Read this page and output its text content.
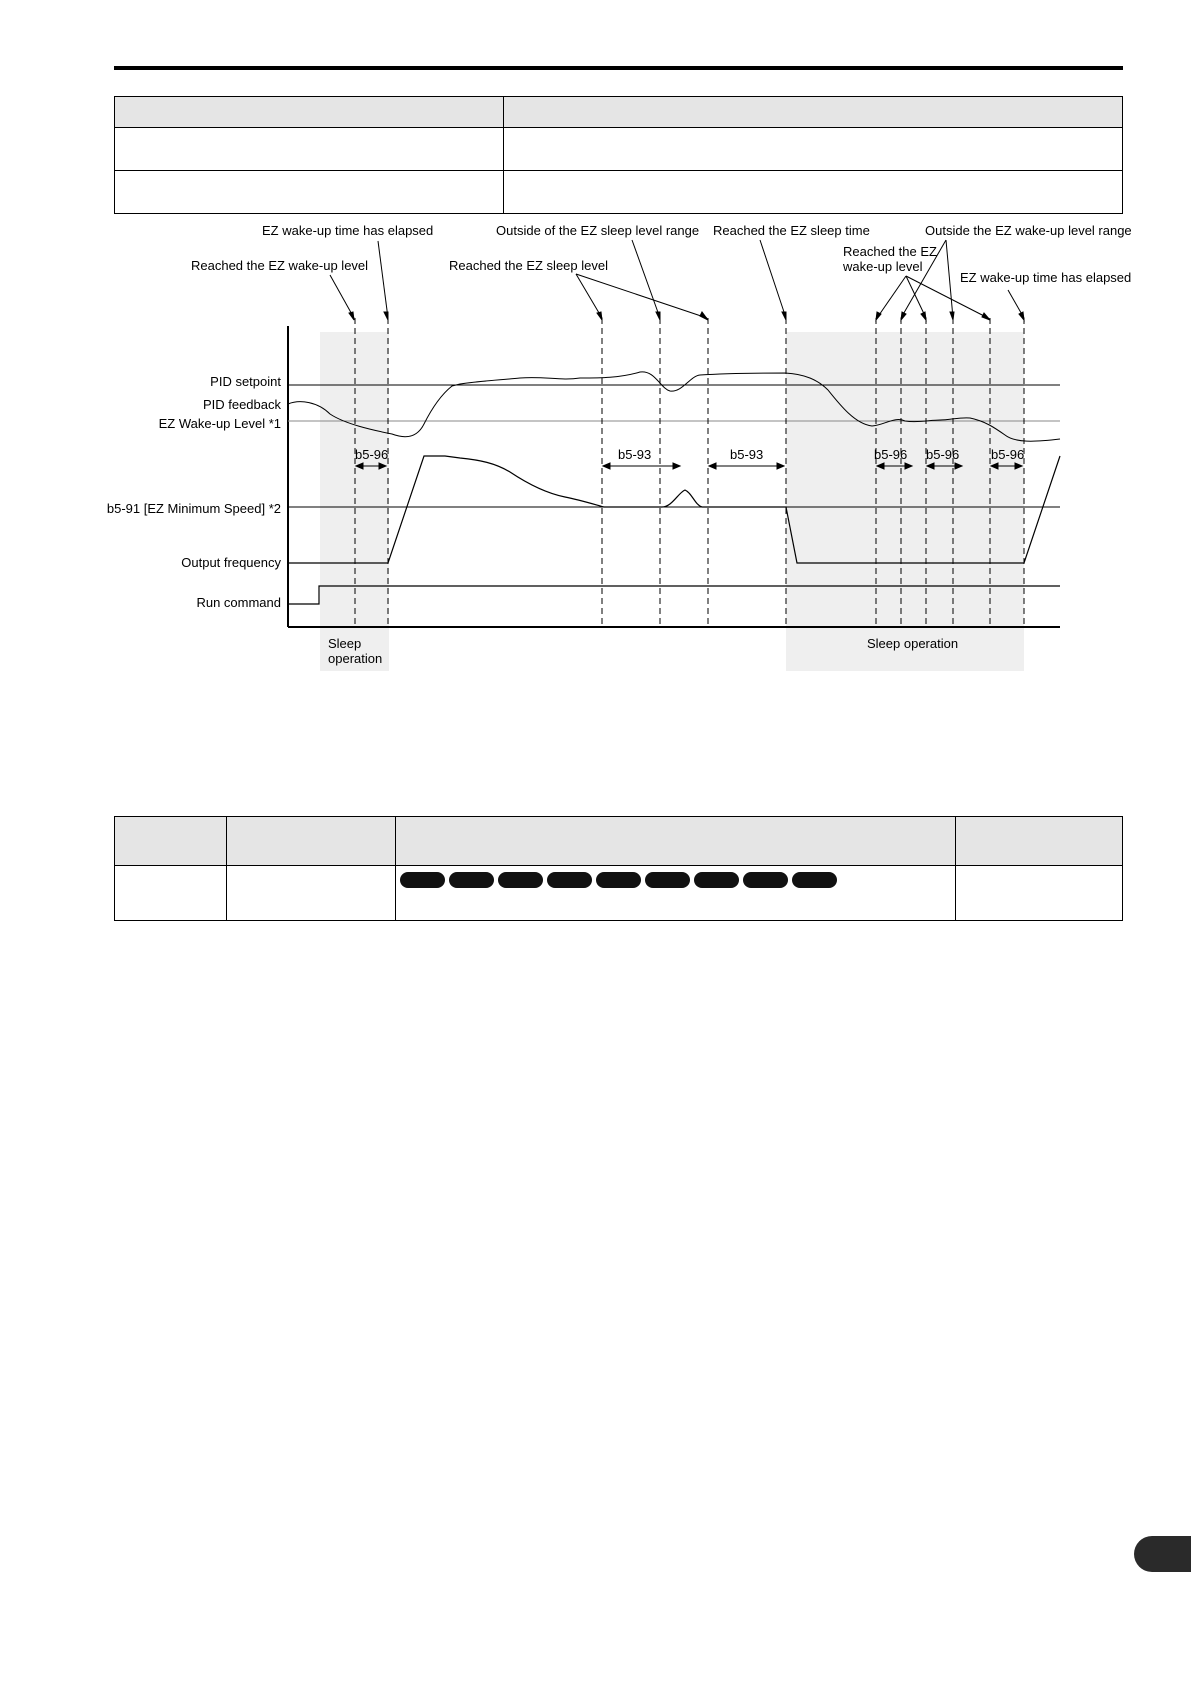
EZ wake-up time has elapsed
Reached the EZ wake-up level
Outside of the EZ sleep level range
Reached the EZ sleep level
Reached the EZ sleep time	Outside the EZ wake-up level range
Reached the EZ
wake-up level
EZ wake-up time has elapsed
PID setpoint
PID feedback
EZ Wake-up Level *1
b5-91 [EZ Minimum Speed] *2
Output frequency
Run command
b5-96	b5-93	b5-93	b5-96 b5-96 b5-96
Sleep
operation
Sleep operation
